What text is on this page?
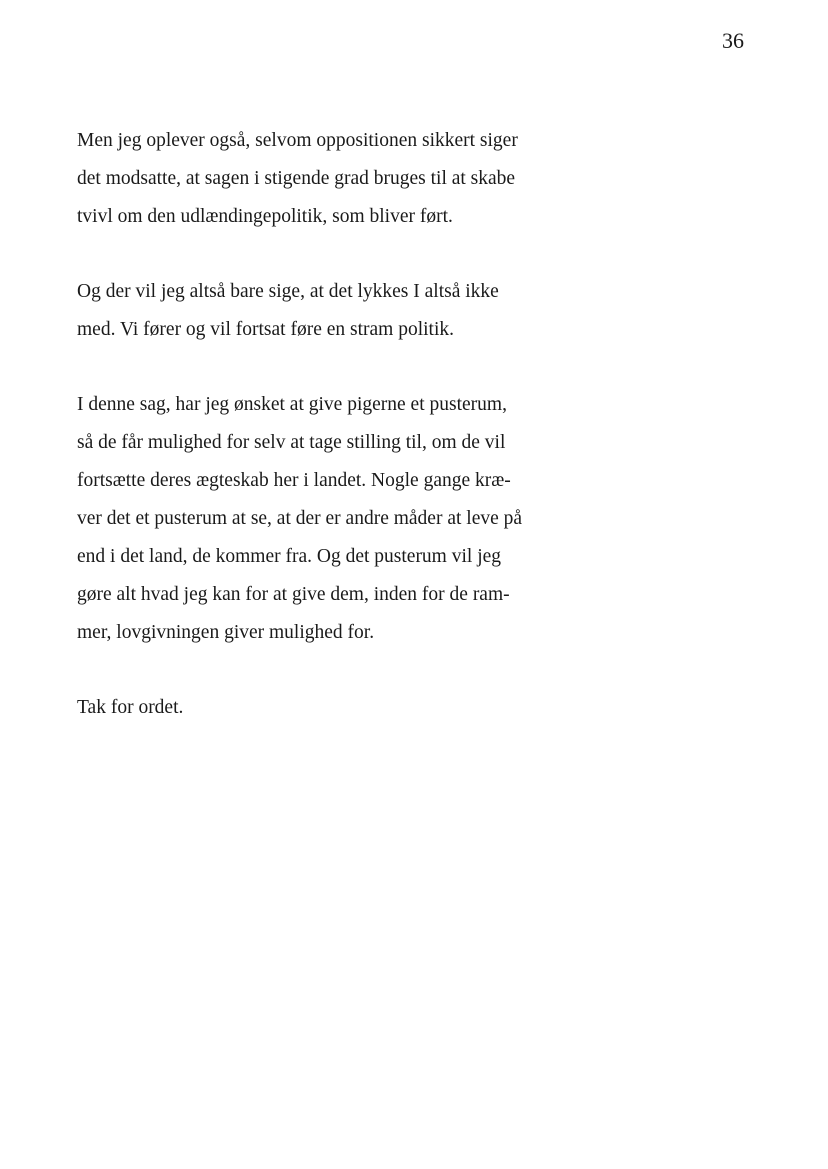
36

Men jeg oplever også, selvom oppositionen sikkert siger
det modsatte, at sagen i stigende grad bruges til at skabe
tvivl om den udlændingepolitik, som bliver ført.

Og der vil jeg altså bare sige, at det lykkes I altså ikke
med. Vi fører og vil fortsat føre en stram politik.

I denne sag, har jeg ønsket at give pigerne et pusterum,
så de får mulighed for selv at tage stilling til, om de vil
fortsætte deres ægteskab her i landet. Nogle gange kræ-
ver det et pusterum at se, at der er andre måder at leve på
end i det land, de kommer fra. Og det pusterum vil jeg
gøre alt hvad jeg kan for at give dem, inden for de ram-
mer, lovgivningen giver mulighed for.

Tak for ordet.
